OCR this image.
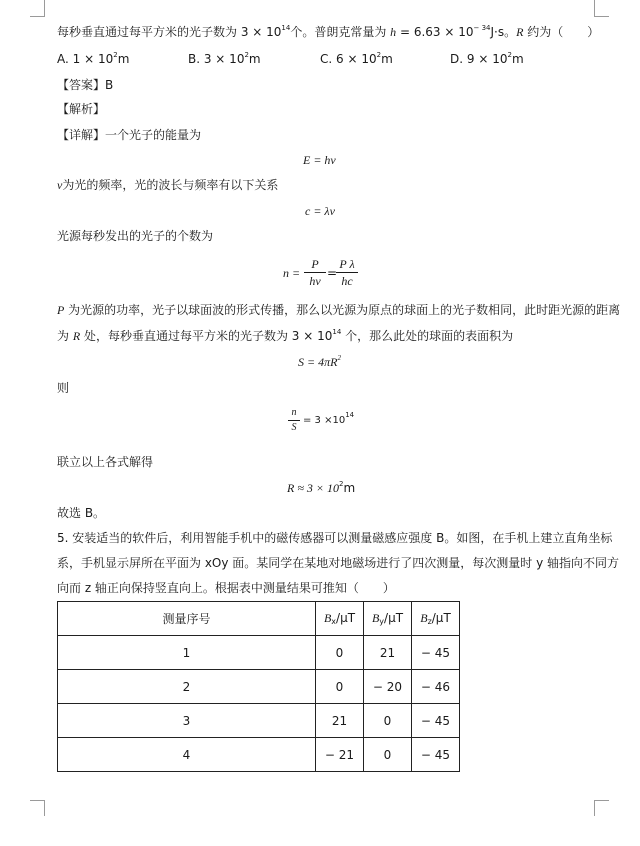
每秒垂直通过每平方米的光子数为 $3 \times 10^{14}$个。普朗克常量为 $h = 6.63 \times 10^{- 34}J\cdot s$。R 约为（　　）
A. $1 \times 10^2m$	B. $3 \times 10^2m$	C. $6 \times 10^2m$	D. $9 \times 10^2m$
【答案】B
【解析】
【详解】一个光子的能量为
E = hν
ν为光的频率，光的波长与频率有以下关系
c = λν
光源每秒发出的光子的个数为
$n = \frac{P}{h\nu}$ =
$\frac{\text{P λ}}{hc}$
P 为光源的功率，光子以球面波的形式传播，那么以光源为原点的球面上的光子数相同，此时距光源的距离
为 R 处，每秒垂直通过每平方米的光子数为 $3 \times 10^{14}$ 个，那么此处的球面的表面积为
$S = 4\pi R^2$
则
$\frac{n}{S} = 3 \times 10^{14}$
联立以上各式解得
$R \approx 3 \times 10^2m$
故选 B。
5. 安装适当的软件后，利用智能手机中的磁传感器可以测量磁感应强度 B。如图，在手机上建立直角坐标
系，手机显示屏所在平面为 xOy 面。某同学在某地对地磁场进行了四次测量，每次测量时 y 轴指向不同方
向而 z 轴正向保持竖直向上。根据表中测量结果可推知（　　）
测量序号	$B_x/\mu T$	$B_y/\mu T$	$B_z/\mu T$
1	0	21	− 45
2	0	− 20	− 46
3	21	0	− 45
4	− 21	0	− 45
